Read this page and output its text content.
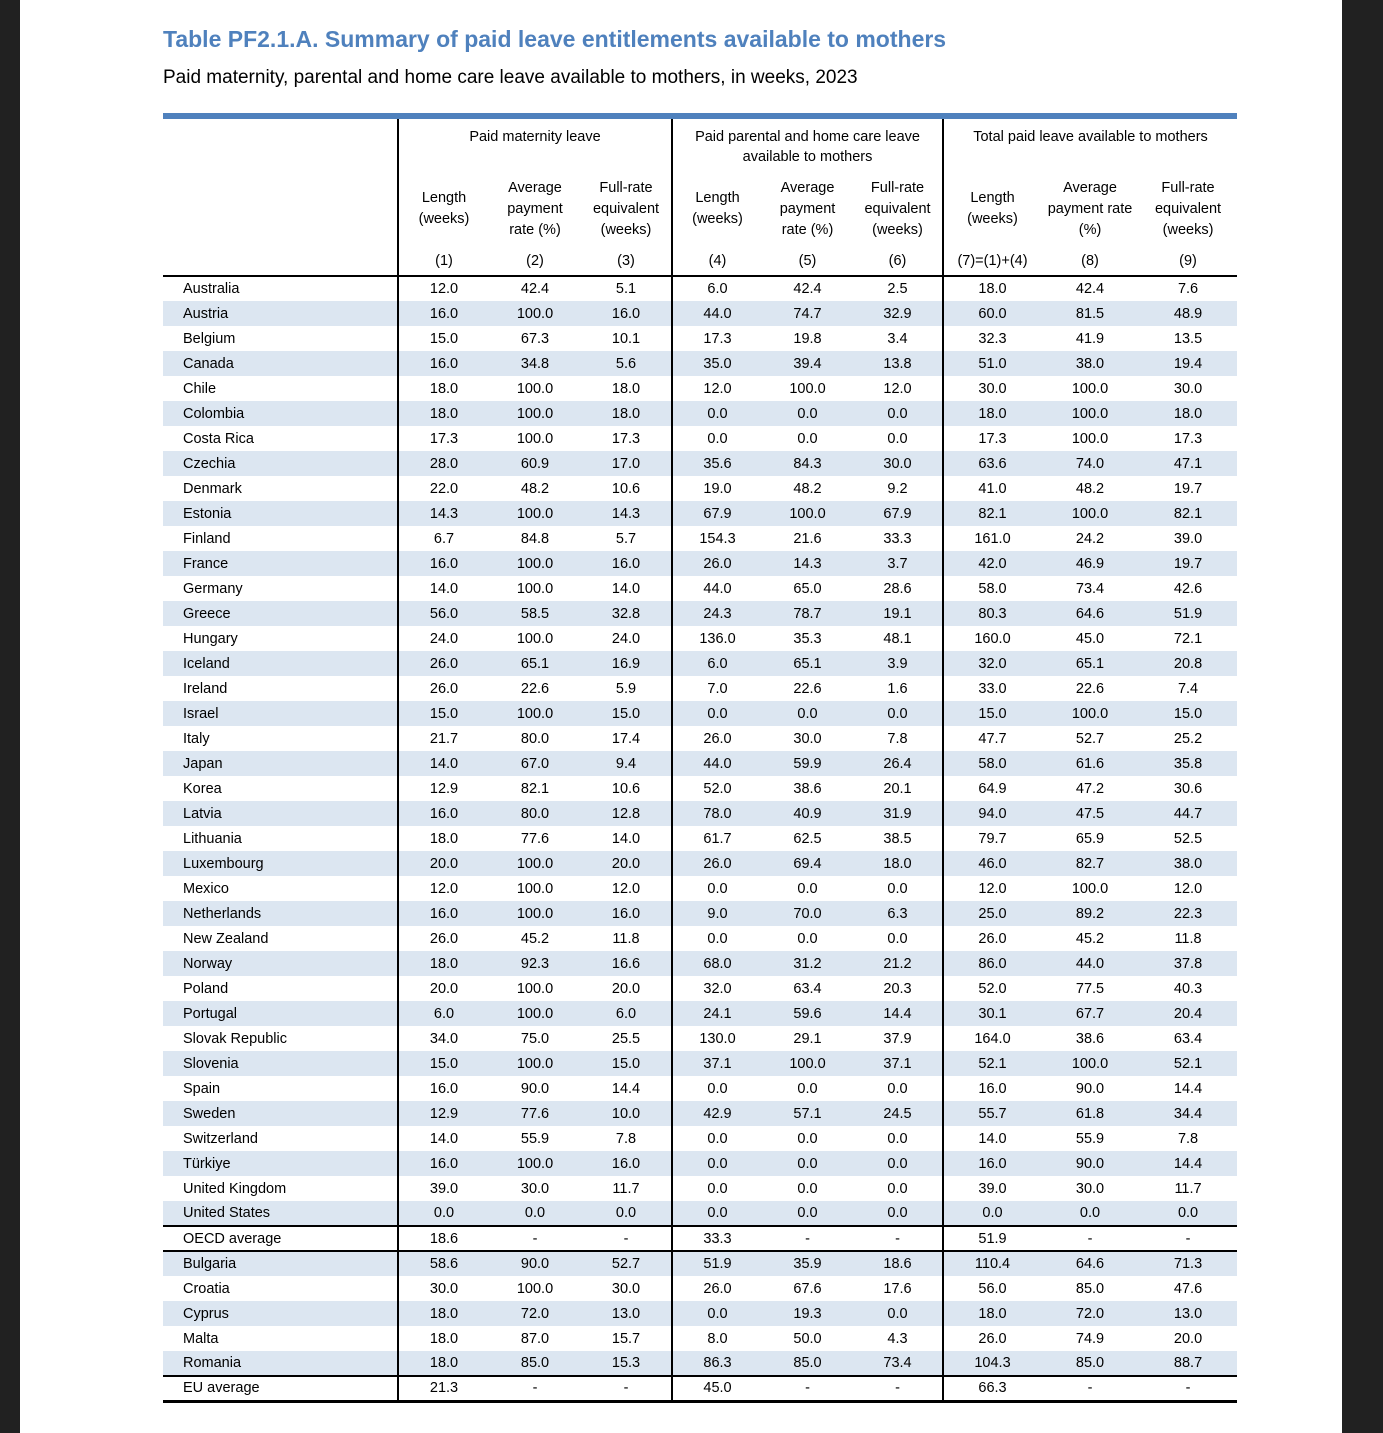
Table PF2.1.A. Summary of paid leave entitlements available to mothers
Paid maternity, parental and home care leave available to mothers, in weeks, 2023
	Paid maternity leave			Paid parental and home care leave available to mothers			Total paid leave available to mothers		
	Length (weeks)	Average payment rate (%)	Full-rate equivalent (weeks)	Length (weeks)	Average payment rate (%)	Full-rate equivalent (weeks)	Length (weeks)	Average payment rate (%)	Full-rate equivalent (weeks)
	(1)	(2)	(3)	(4)	(5)	(6)	(7)=(1)+(4)	(8)	(9)
Australia	12.0	42.4	5.1	6.0	42.4	2.5	18.0	42.4	7.6
Austria	16.0	100.0	16.0	44.0	74.7	32.9	60.0	81.5	48.9
Belgium	15.0	67.3	10.1	17.3	19.8	3.4	32.3	41.9	13.5
Canada	16.0	34.8	5.6	35.0	39.4	13.8	51.0	38.0	19.4
Chile	18.0	100.0	18.0	12.0	100.0	12.0	30.0	100.0	30.0
Colombia	18.0	100.0	18.0	0.0	0.0	0.0	18.0	100.0	18.0
Costa Rica	17.3	100.0	17.3	0.0	0.0	0.0	17.3	100.0	17.3
Czechia	28.0	60.9	17.0	35.6	84.3	30.0	63.6	74.0	47.1
Denmark	22.0	48.2	10.6	19.0	48.2	9.2	41.0	48.2	19.7
Estonia	14.3	100.0	14.3	67.9	100.0	67.9	82.1	100.0	82.1
Finland	6.7	84.8	5.7	154.3	21.6	33.3	161.0	24.2	39.0
France	16.0	100.0	16.0	26.0	14.3	3.7	42.0	46.9	19.7
Germany	14.0	100.0	14.0	44.0	65.0	28.6	58.0	73.4	42.6
Greece	56.0	58.5	32.8	24.3	78.7	19.1	80.3	64.6	51.9
Hungary	24.0	100.0	24.0	136.0	35.3	48.1	160.0	45.0	72.1
Iceland	26.0	65.1	16.9	6.0	65.1	3.9	32.0	65.1	20.8
Ireland	26.0	22.6	5.9	7.0	22.6	1.6	33.0	22.6	7.4
Israel	15.0	100.0	15.0	0.0	0.0	0.0	15.0	100.0	15.0
Italy	21.7	80.0	17.4	26.0	30.0	7.8	47.7	52.7	25.2
Japan	14.0	67.0	9.4	44.0	59.9	26.4	58.0	61.6	35.8
Korea	12.9	82.1	10.6	52.0	38.6	20.1	64.9	47.2	30.6
Latvia	16.0	80.0	12.8	78.0	40.9	31.9	94.0	47.5	44.7
Lithuania	18.0	77.6	14.0	61.7	62.5	38.5	79.7	65.9	52.5
Luxembourg	20.0	100.0	20.0	26.0	69.4	18.0	46.0	82.7	38.0
Mexico	12.0	100.0	12.0	0.0	0.0	0.0	12.0	100.0	12.0
Netherlands	16.0	100.0	16.0	9.0	70.0	6.3	25.0	89.2	22.3
New Zealand	26.0	45.2	11.8	0.0	0.0	0.0	26.0	45.2	11.8
Norway	18.0	92.3	16.6	68.0	31.2	21.2	86.0	44.0	37.8
Poland	20.0	100.0	20.0	32.0	63.4	20.3	52.0	77.5	40.3
Portugal	6.0	100.0	6.0	24.1	59.6	14.4	30.1	67.7	20.4
Slovak Republic	34.0	75.0	25.5	130.0	29.1	37.9	164.0	38.6	63.4
Slovenia	15.0	100.0	15.0	37.1	100.0	37.1	52.1	100.0	52.1
Spain	16.0	90.0	14.4	0.0	0.0	0.0	16.0	90.0	14.4
Sweden	12.9	77.6	10.0	42.9	57.1	24.5	55.7	61.8	34.4
Switzerland	14.0	55.9	7.8	0.0	0.0	0.0	14.0	55.9	7.8
Türkiye	16.0	100.0	16.0	0.0	0.0	0.0	16.0	90.0	14.4
United Kingdom	39.0	30.0	11.7	0.0	0.0	0.0	39.0	30.0	11.7
United States	0.0	0.0	0.0	0.0	0.0	0.0	0.0	0.0	0.0
OECD average	18.6	-	-	33.3	-	-	51.9	-	-
Bulgaria	58.6	90.0	52.7	51.9	35.9	18.6	110.4	64.6	71.3
Croatia	30.0	100.0	30.0	26.0	67.6	17.6	56.0	85.0	47.6
Cyprus	18.0	72.0	13.0	0.0	19.3	0.0	18.0	72.0	13.0
Malta	18.0	87.0	15.7	8.0	50.0	4.3	26.0	74.9	20.0
Romania	18.0	85.0	15.3	86.3	85.0	73.4	104.3	85.0	88.7
EU average	21.3	-	-	45.0	-	-	66.3	-	-
